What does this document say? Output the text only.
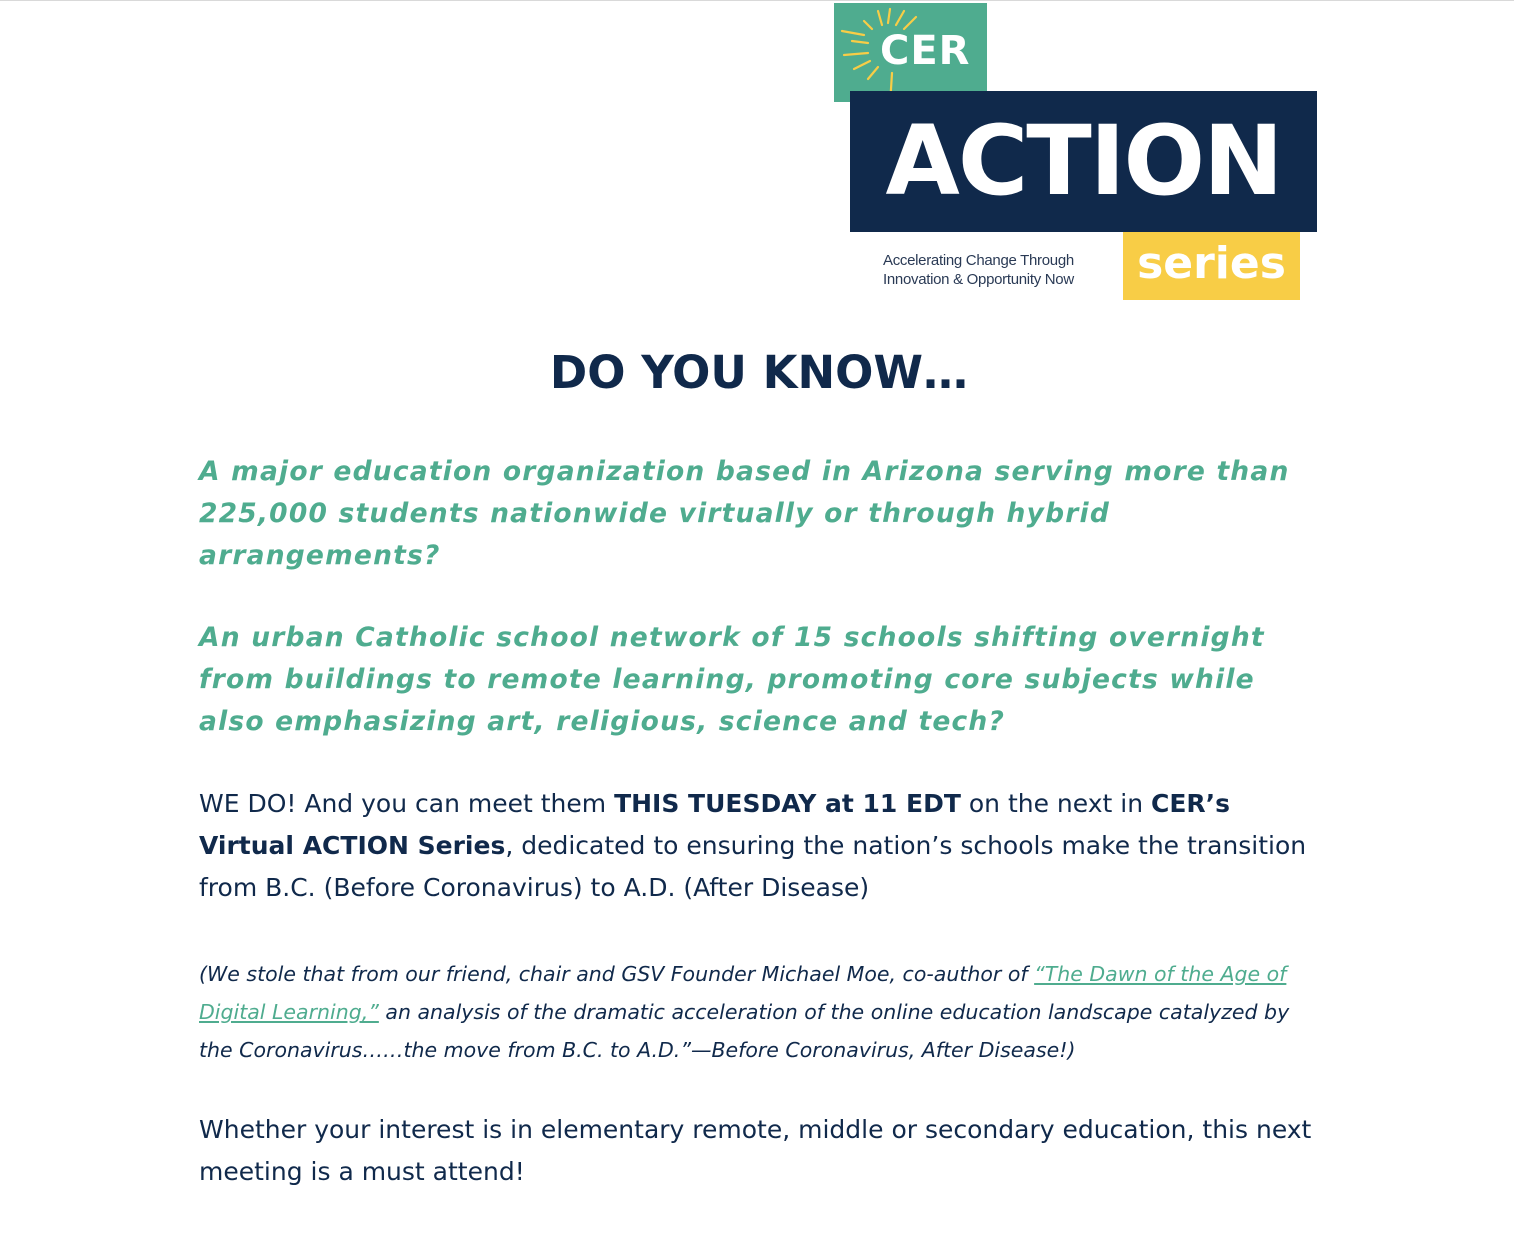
CER
ACTION
Accelerating Change Through
Innovation & Opportunity Now	series
DO YOU KNOW…

A major education organization based in Arizona serving more than 225,000 students nationwide virtually or through hybrid arrangements?

An urban Catholic school network of 15 schools shifting overnight from buildings to remote learning, promoting core subjects while also emphasizing art, religious, science and tech?

WE DO! And you can meet them THIS TUESDAY at 11 EDT on the next in CER’s Virtual ACTION Series, dedicated to ensuring the nation’s schools make the transition from B.C. (Before Coronavirus) to A.D. (After Disease)

(We stole that from our friend, chair and GSV Founder Michael Moe, co-author of “The Dawn of the Age of Digital Learning,” an analysis of the dramatic acceleration of the online education landscape catalyzed by the Coronavirus……the move from B.C. to A.D.”—Before Coronavirus, After Disease!)

Whether your interest is in elementary remote, middle or secondary education, this next meeting is a must attend!
